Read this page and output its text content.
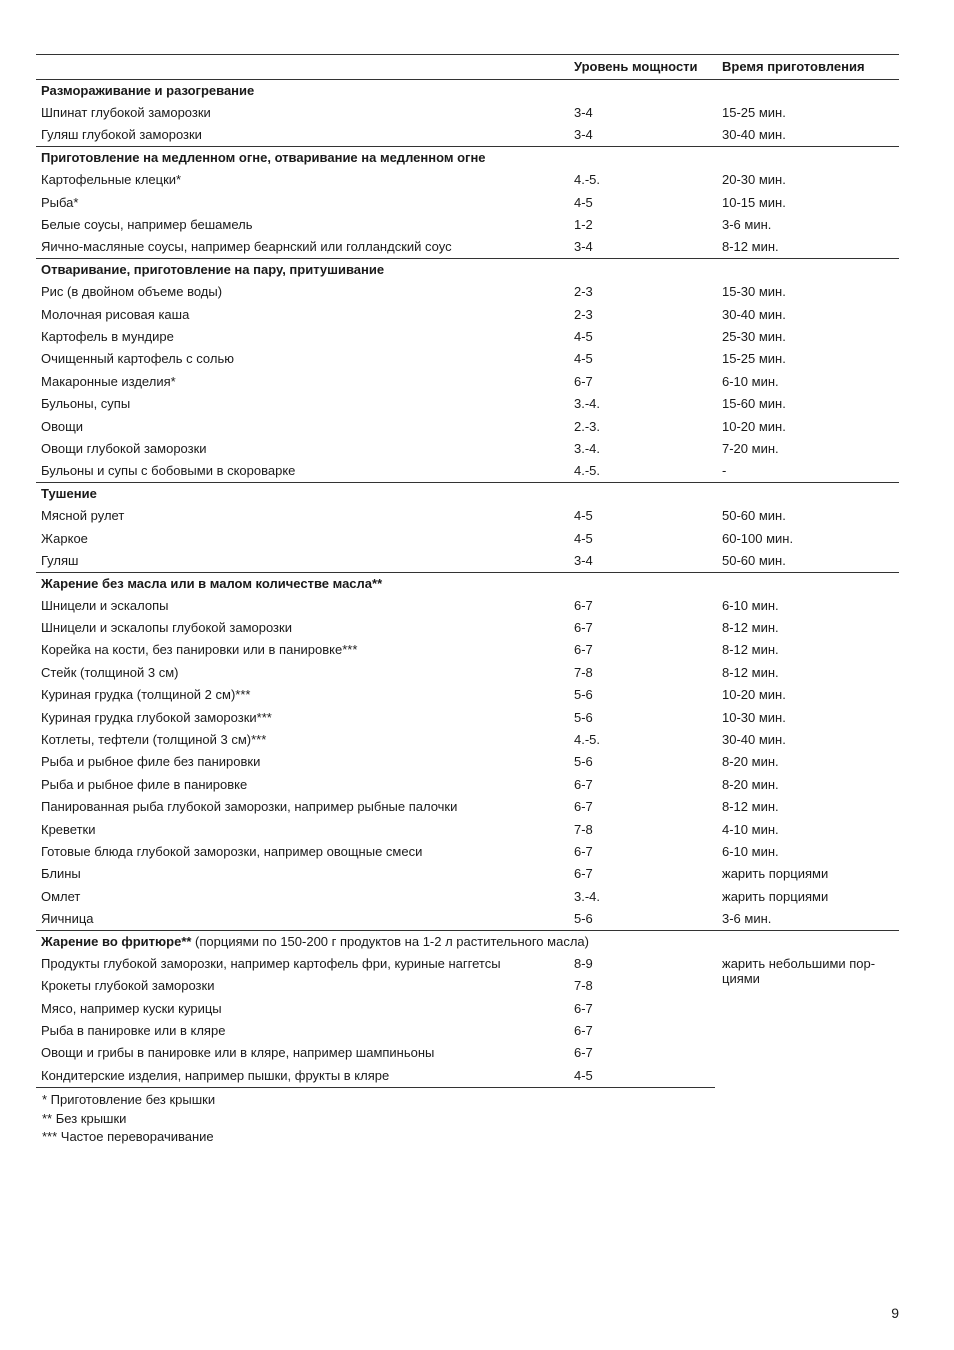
	Уровень мощности	Время приготовления
Размораживание и разогревание		
Шпинат глубокой заморозки	3-4	15-25 мин.
Гуляш глубокой заморозки	3-4	30-40 мин.
Приготовление на медленном огне, отваривание на медленном огне		
Картофельные клецки*	4.-5.	20-30 мин.
Рыба*	4-5	10-15 мин.
Белые соусы, например бешамель	1-2	3-6 мин.
Яично-масляные соусы, например беарнский или голландский соус	3-4	8-12 мин.
Отваривание, приготовление на пару, притушивание		
Рис (в двойном объеме воды)	2-3	15-30 мин.
Молочная рисовая каша	2-3	30-40 мин.
Картофель в мундире	4-5	25-30 мин.
Очищенный картофель с солью	4-5	15-25 мин.
Макаронные изделия*	6-7	6-10 мин.
Бульоны, супы	3.-4.	15-60 мин.
Овощи	2.-3.	10-20 мин.
Овощи глубокой заморозки	3.-4.	7-20 мин.
Бульоны и супы с бобовыми в скороварке	4.-5.	-
Тушение		
Мясной рулет	4-5	50-60 мин.
Жаркое	4-5	60-100 мин.
Гуляш	3-4	50-60 мин.
Жарение без масла или в малом количестве масла**		
Шницели и эскалопы	6-7	6-10 мин.
Шницели и эскалопы глубокой заморозки	6-7	8-12 мин.
Корейка на кости, без панировки или в панировке***	6-7	8-12 мин.
Стейк (толщиной 3 см)	7-8	8-12 мин.
Куриная грудка (толщиной 2 см)***	5-6	10-20 мин.
Куриная грудка глубокой заморозки***	5-6	10-30 мин.
Котлеты, тефтели (толщиной 3 см)***	4.-5.	30-40 мин.
Рыба и рыбное филе без панировки	5-6	8-20 мин.
Рыба и рыбное филе в панировке	6-7	8-20 мин.
Панированная рыба глубокой заморозки, например рыбные палочки	6-7	8-12 мин.
Креветки	7-8	4-10 мин.
Готовые блюда глубокой заморозки, например овощные смеси	6-7	6-10 мин.
Блины	6-7	жарить порциями
Омлет	3.-4.	жарить порциями
Яичница	5-6	3-6 мин.
Жарение во фритюре** (порциями по 150-200 г продуктов на 1-2 л растительного масла)		
Продукты глубокой заморозки, например картофель фри, куриные наггетсы	8-9	жарить небольшими пор-
циями
Крокеты глубокой заморозки	7-8	
Мясо, например куски курицы	6-7	
Рыба в панировке или в кляре	6-7	
Овощи и грибы в панировке или в кляре, например шампиньоны	6-7	
Кондитерские изделия, например пышки, фрукты в кляре	4-5	
* Приготовление без крышки
** Без крышки
*** Частое переворачивание
9
